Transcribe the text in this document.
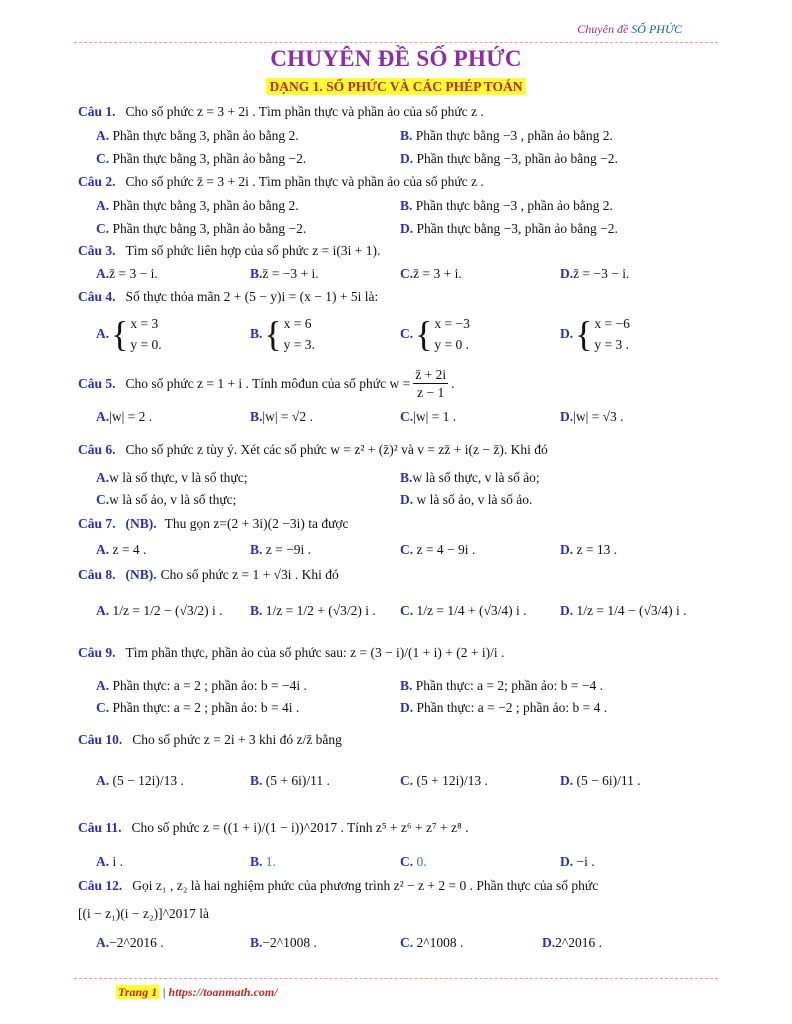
Chuyên đề SỐ PHỨC
CHUYÊN ĐỀ SỐ PHỨC
DẠNG 1. SỐ PHỨC VÀ CÁC PHÉP TOÁN
Câu 1. Cho số phức z = 3 + 2i . Tìm phần thực và phần ảo của số phức z .
A. Phần thực bằng 3, phần ảo bằng 2.	B. Phần thực bằng −3 , phần ảo bằng 2.
C. Phần thực bằng 3, phần ảo bằng −2.	D. Phần thực bằng −3, phần ảo bằng −2.
Câu 2. Cho số phức z̄ = 3 + 2i . Tìm phần thực và phần ảo của số phức z .
A. Phần thực bằng 3, phần ảo bằng 2.	B. Phần thực bằng −3 , phần ảo bằng 2.
C. Phần thực bằng 3, phần ảo bằng −2.	D. Phần thực bằng −3, phần ảo bằng −2.
Câu 3. Tìm số phức liên hợp của số phức z = i(3i + 1).
A.z̄ = 3 − i.	B.z̄ = −3 + i.	C.z̄ = 3 + i.	D.z̄ = −3 − i.
Câu 4. Số thực thỏa mãn 2 + (5 − y)i = (x − 1) + 5i là:
A. { x = 3
y = 0.
B. { x = 6
y = 3.
C. { x = −3
y = 0 .
D. { x = −6
y = 3 .
Câu 5. Cho số phức z = 1 + i . Tính môđun của số phức $w = \frac{z̄ + 2i}{z - 1}$ .
A.|w| = 2 .	B.|w| = √2 .	C.|w| = 1 .	D.|w| = √3 .
Câu 6. Cho số phức z tùy ý. Xét các số phức w = z² + (z̄)² và v = zz̄ + i(z − z̄). Khi đó
A.w là số thực, v là số thực;	B.w là số thực, v là số ảo;
C.w là số ảo, v là số thực;	D. w là số ảo, v là số ảo.
Câu 7. (NB). Thu gọn z=(2 + 3i)(2 −3i) ta được
A. z = 4 .	B. z = −9i .	C. z = 4 − 9i .	D. z = 13 .
Câu 8. (NB). Cho số phức z = 1 + √3i . Khi đó
A. 1/z = 1/2 − (√3/2) i . B. 1/z = 1/2 + (√3/2) i . C. 1/z = 1/4 + (√3/4) i . D. 1/z = 1/4 − (√3/4) i .
Câu 9. Tìm phần thực, phần ảo của số phức sau: z = (3 − i)/(1 + i) + (2 + i)/i .
A. Phần thực: a = 2 ; phần ảo: b = −4i .	B. Phần thực: a = 2; phần ảo: b = −4 .
C. Phần thực: a = 2 ; phần ảo: b = 4i .	D. Phần thực: a = −2 ; phần ảo: b = 4 .
Câu 10. Cho số phức z = 2i + 3 khi đó z/z̄ bằng
A. (5 − 12i)/13 .	B. (5 + 6i)/11 .	C. (5 + 12i)/13 .	D. (5 − 6i)/11 .
Câu 11. Cho số phức z = ((1 + i)/(1 − i))^2017 . Tính z⁵ + z⁶ + z⁷ + z⁸ .
A. i .	B. 1.	C. 0.	D. −i .
Câu 12. Gọi z₁ , z₂ là hai nghiệm phức của phương trình z² − z + 2 = 0 . Phần thực của số phức
[(i − z₁)(i − z₂)]^2017 là
A.−2^2016 .	B.−2^1008 .	C. 2^1008 .	D.2^2016 .
Trang 1 | https://toanmath.com/
